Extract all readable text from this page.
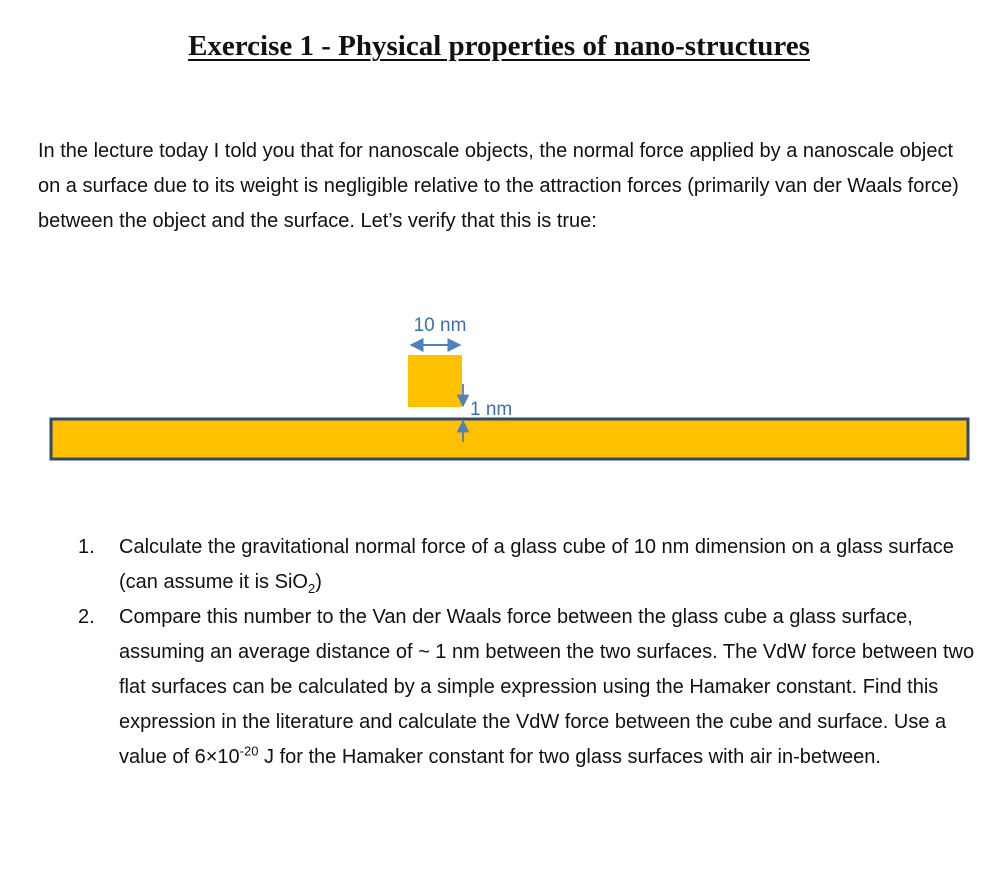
Exercise 1 - Physical properties of nano-structures

In the lecture today I told you that for nanoscale objects, the normal force applied by a nanoscale object on a surface due to its weight is negligible relative to the attraction forces (primarily van der Waals force) between the object and the surface. Let’s verify that this is true:

10 nm
1 nm
1. Calculate the gravitational normal force of a glass cube of 10 nm dimension on a glass surface (can assume it is SiO$_2$)
2. Compare this number to the Van der Waals force between the glass cube a glass surface, assuming an average distance of ~ 1 nm between the two surfaces. The VdW force between two flat surfaces can be calculated by a simple expression using the Hamaker constant. Find this expression in the literature and calculate the VdW force between the cube and surface. Use a value of $6\times 10^{-20}$ J for the Hamaker constant for two glass surfaces with air in-between.
